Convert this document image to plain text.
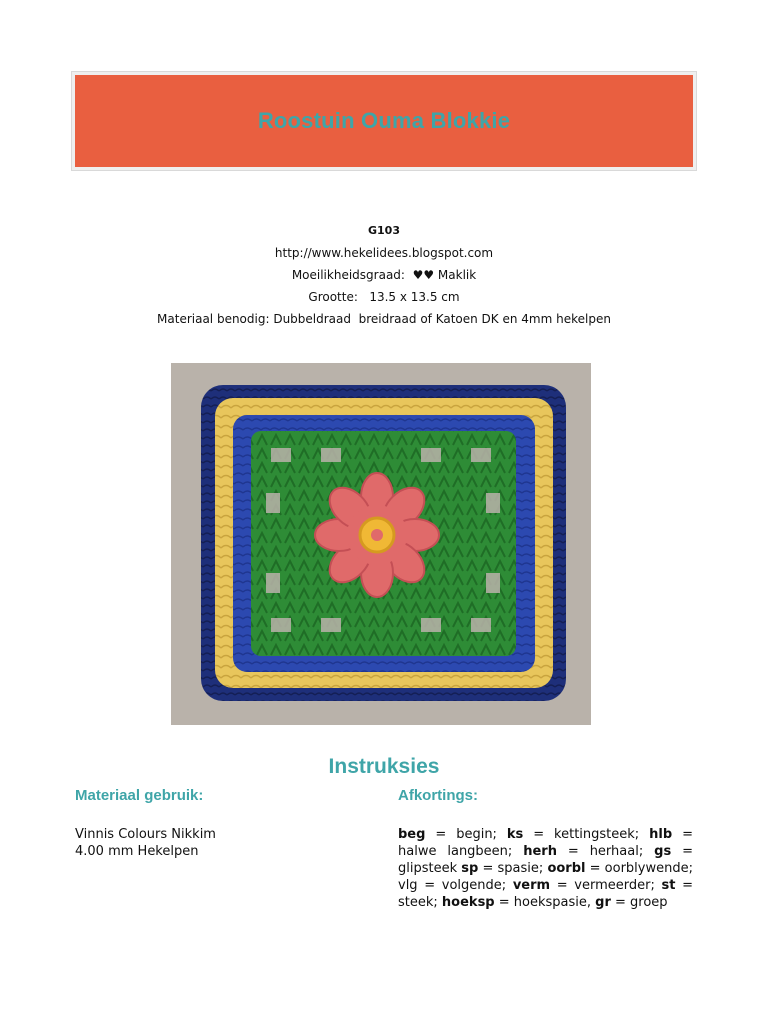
Roostuin Ouma Blokkie
G103
http://www.hekelidees.blogspot.com
Moeilikheidsgraad:  ♥♥ Maklik
Grootte:   13.5 x 13.5 cm
Materiaal benodig: Dubbeldraad  breidraad of Katoen DK en 4mm hekelpen
Instruksies
Materiaal gebruik:
Vinnis Colours Nikkim
4.00 mm Hekelpen
Afkortings:
beg = begin; ks = kettingsteek; hlb = halwe langbeen; herh = herhaal; gs = glipsteek sp = spasie; oorbl = oorblywende; vlg = volgende; verm = vermeerder; st = steek; hoeksp = hoekspasie, gr = groep
